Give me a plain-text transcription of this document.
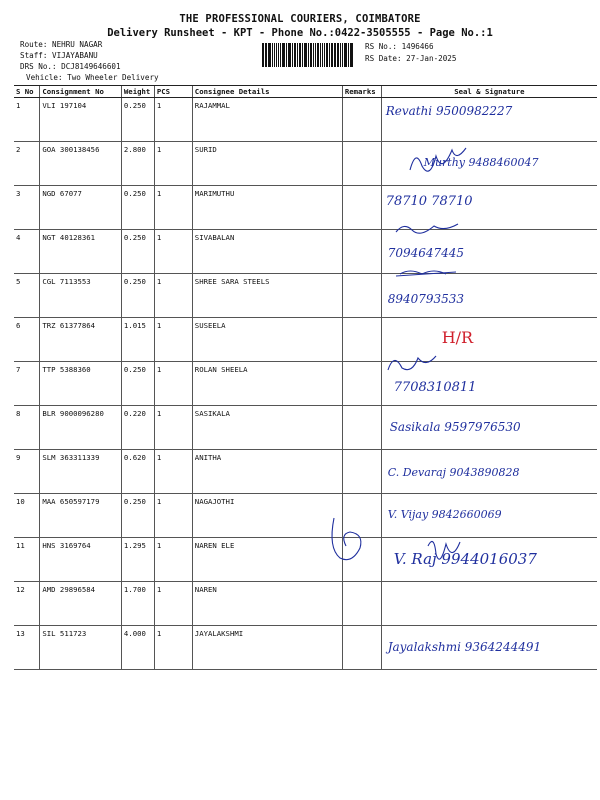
THE PROFESSIONAL COURIERS, COIMBATORE
Delivery Runsheet - KPT - Phone No.:0422-3505555 - Page No.:1
Route: NEHRU NAGAR
Staff: VIJAYABANU
DRS No.: DCJ8149646601
Vehicle: Two Wheeler Delivery
RS No.: 1496466
RS Date: 27-Jan-2025
S No	Consignment No	Weight	PCS	Consignee Details	Remarks	Seal & Signature
1	VLI 197104	0.250	1	RAJAMMAL		Revathi 9500982227

2	GOA 300138456	2.800	1	SURID		Murthy 9488460047

3	NGD 67077	0.250	1	MARIMUTHU		78710 78710

4	NGT 40128361	0.250	1	SIVABALAN		7094647445

5	CGL 7113553	0.250	1	SHREE SARA STEELS		8940793533

6	TRZ 61377864	1.015	1	SUSEELA		H/R

7	TTP 5388360	0.250	1	ROLAN SHEELA		7708310811

8	BLR 9000096280	0.220	1	SASIKALA		Sasikala 9597976530

9	SLM 363311339	0.620	1	ANITHA		C. Devaraj 9043890828

10	MAA 650597179	0.250	1	NAGAJOTHI		V. Vijay 9842660069

11	HNS 3169764	1.295	1	NAREN ELE		V. Raj 9944016037

12	AMD 29896584	1.700	1	NAREN		

13	SIL 511723	4.000	1	JAYALAKSHMI		Jayalakshmi 9364244491
